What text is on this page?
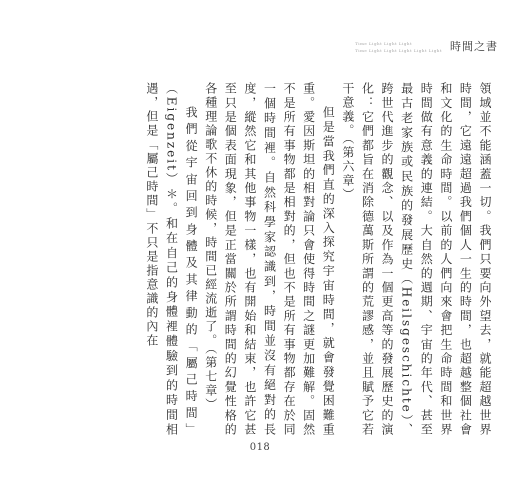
Time Light Light Light
Time Light Light Light Light Light 時間之書

領域並不能涵蓋一切。我們只要向外望去，就能超越世界時間，它遠遠超過我們個人一生的時間，也超越整個社會和文化的生命時間。以前的人們向來會把生命時間和世界時間做有意義的連結。大自然的週期、宇宙的年代、甚至最古老家族或民族的發展歷史（Heilsgeschichte）、跨世代進步的觀念、以及作為一個更高等的發展歷史的演化：它們都旨在消除德萬斯所謂的荒謬感，並且賦予它若干意義。（第六章）

但是當我們直的深入探究宇宙時間，就會發覺困難重重。愛因斯坦的相對論只會使得時間之謎更加難解。固然不是所有事物都是相對的，但也不是所有事物都存在於同一個時間裡。自然科學家認識到，時間並沒有絕對的長度，縱然它和其他事物一樣，也有開始和結束，也許它甚至只是個表面現象，但是正當關於所謂時間的幻覺性格的各種理論歌不休的時候，時間已經流逝了。（第七章）

我們從宇宙回到身體及其律動的「屬己時間」（Eigenzeit）＊。和在自己的身體裡體驗到的時間相遇，但是「屬己時間」不只是指意識的內在

018
